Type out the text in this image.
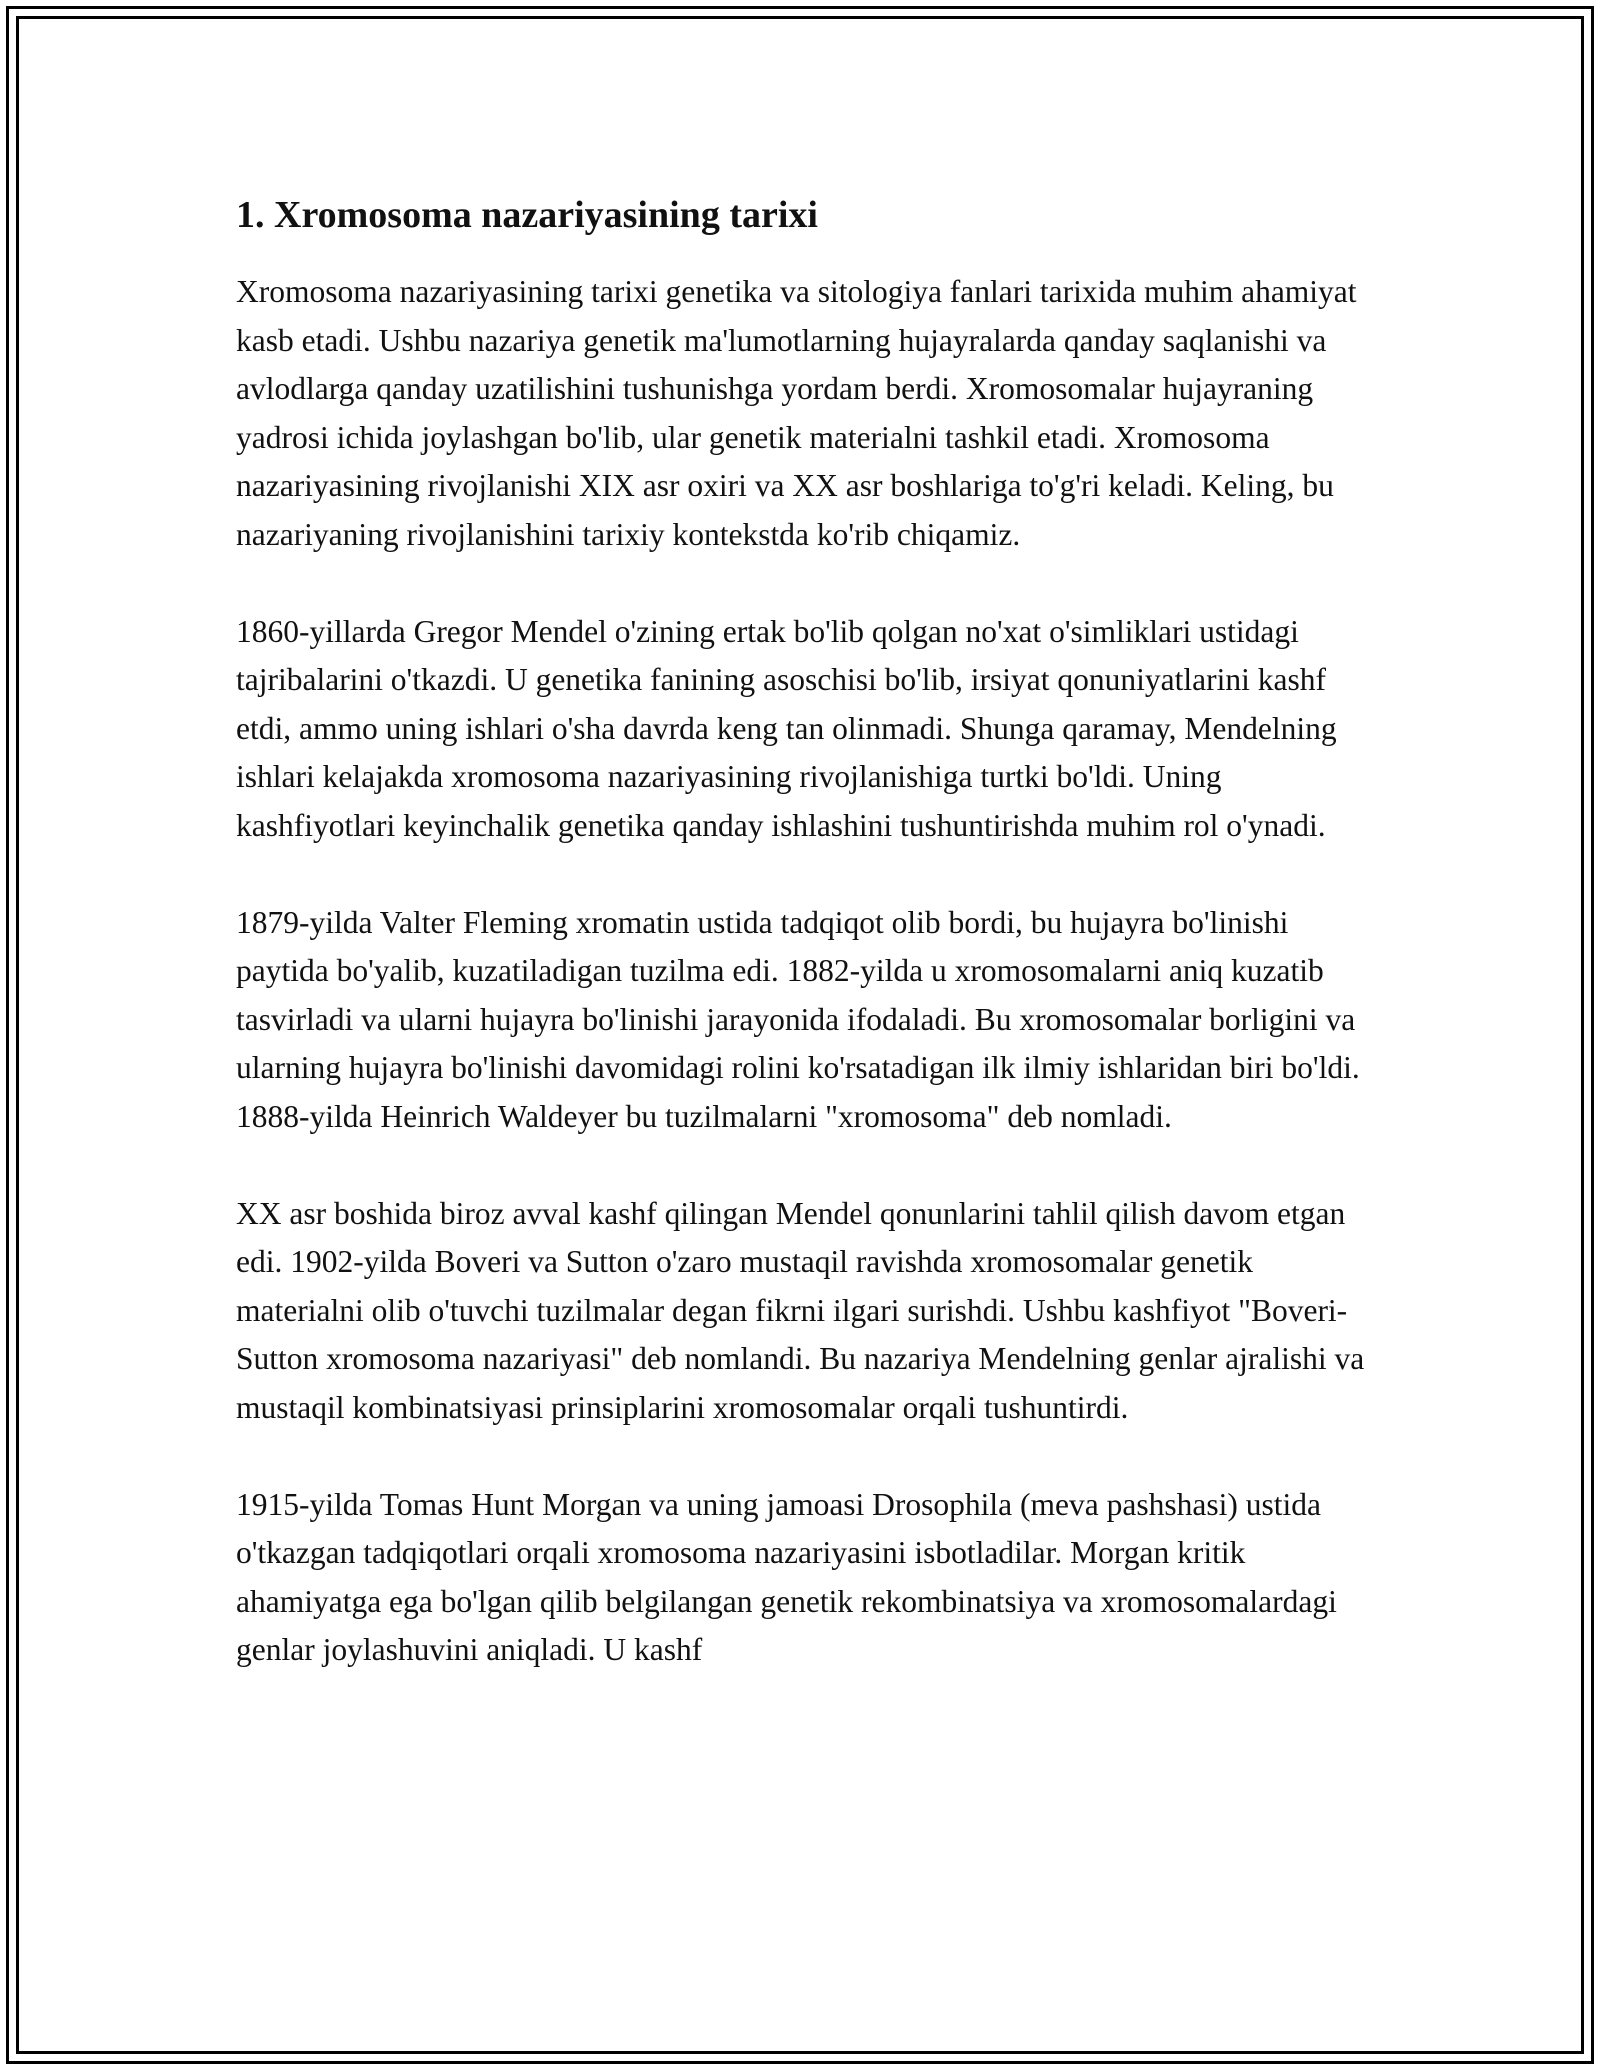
1. Xromosoma nazariyasining tarixi

Xromosoma nazariyasining tarixi genetika va sitologiya fanlari tarixida muhim ahamiyat kasb etadi. Ushbu nazariya genetik ma'lumotlarning hujayralarda qanday saqlanishi va avlodlarga qanday uzatilishini tushunishga yordam berdi. Xromosomalar hujayraning yadrosi ichida joylashgan bo'lib, ular genetik materialni tashkil etadi. Xromosoma nazariyasining rivojlanishi XIX asr oxiri va XX asr boshlariga to'g'ri keladi. Keling, bu nazariyaning rivojlanishini tarixiy kontekstda ko'rib chiqamiz.

1860-yillarda Gregor Mendel o'zining ertak bo'lib qolgan no'xat o'simliklari ustidagi tajribalarini o'tkazdi. U genetika fanining asoschisi bo'lib, irsiyat qonuniyatlarini kashf etdi, ammo uning ishlari o'sha davrda keng tan olinmadi. Shunga qaramay, Mendelning ishlari kelajakda xromosoma nazariyasining rivojlanishiga turtki bo'ldi. Uning kashfiyotlari keyinchalik genetika qanday ishlashini tushuntirishda muhim rol o'ynadi.

1879-yilda Valter Fleming xromatin ustida tadqiqot olib bordi, bu hujayra bo'linishi paytida bo'yalib, kuzatiladigan tuzilma edi. 1882-yilda u xromosomalarni aniq kuzatib tasvirladi va ularni hujayra bo'linishi jarayonida ifodaladi. Bu xromosomalar borligini va ularning hujayra bo'linishi davomidagi rolini ko'rsatadigan ilk ilmiy ishlaridan biri bo'ldi. 1888-yilda Heinrich Waldeyer bu tuzilmalarni "xromosoma" deb nomladi.

XX asr boshida biroz avval kashf qilingan Mendel qonunlarini tahlil qilish davom etgan edi. 1902-yilda Boveri va Sutton o'zaro mustaqil ravishda xromosomalar genetik materialni olib o'tuvchi tuzilmalar degan fikrni ilgari surishdi. Ushbu kashfiyot "Boveri-Sutton xromosoma nazariyasi" deb nomlandi. Bu nazariya Mendelning genlar ajralishi va mustaqil kombinatsiyasi prinsiplarini xromosomalar orqali tushuntirdi.

1915-yilda Tomas Hunt Morgan va uning jamoasi Drosophila (meva pashshasi) ustida o'tkazgan tadqiqotlari orqali xromosoma nazariyasini isbotladilar. Morgan kritik ahamiyatga ega bo'lgan qilib belgilangan genetik rekombinatsiya va xromosomalardagi genlar joylashuvini aniqladi. U kashf
